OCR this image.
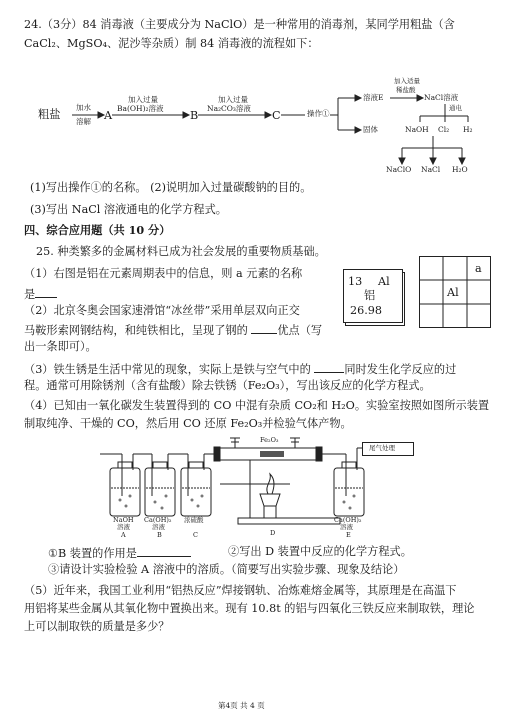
24.（3分）84 消毒液（主要成分为 NaClO）是一种常用的消毒剂，某同学用粗盐（含
CaCl₂、MgSO₄、泥沙等杂质）制 84 消毒液的流程如下：
粗盐
加水
溶解 A
加入过量
Ba(OH)₂溶液
B
加入过量
Na₂CO₃溶液
C	操作①
溶液E
固体
加入适量
稀盐酸
NaCl溶液
通电
NaOH Cl₂ H₂
NaClO NaCl H₂O
(1)写出操作①的名称。 (2)说明加入过量碳酸钠的目的。
(3)写出 NaCl 溶液通电的化学方程式。
四、综合应用题（共 10 分）
25. 种类繁多的金属材料已成为社会发展的重要物质基础。
（1）右图是铝在元素周期表中的信息，则 a 元素的名称
是
（2）北京冬奥会国家速滑馆“冰丝带”采用单层双向正交
马鞍形索网钢结构，和纯铁相比，呈现了钢的 优点（写
出一条即可）。
13 Al
铝
26.98
a
Al
（3）铁生锈是生活中常见的现象，实际上是铁与空气中的	同时发生化学反应的过
程。通常可用除锈剂（含有盐酸）除去铁锈（Fe₂O₃），写出该反应的化学方程式。
（4）已知由一氧化碳发生装置得到的 CO 中混有杂质 CO₂和 H₂O。实验室按照如图所示装置
制取纯净、干燥的 CO，然后用 CO 还原 Fe₂O₃并检验气体产物。
尾气处理
Fe₂O₃
NaOH
溶液
Ca(OH)₂
溶液
浓硫酸	Ca(OH)₂
溶液
A	B	C	D	E
①B 装置的作用是	②写出 D 装置中反应的化学方程式。
③请设计实验检验 A 溶液中的溶质。（简要写出实验步骤、现象及结论）
（5）近年来，我国工业利用“铝热反应”焊接钢轨、冶炼难熔金属等，其原理是在高温下
用铝将某些金属从其氧化物中置换出来。现有 10.8t 的铝与四氧化三铁反应来制取铁，理论
上可以制取铁的质量是多少？
第4页 共 4 页
